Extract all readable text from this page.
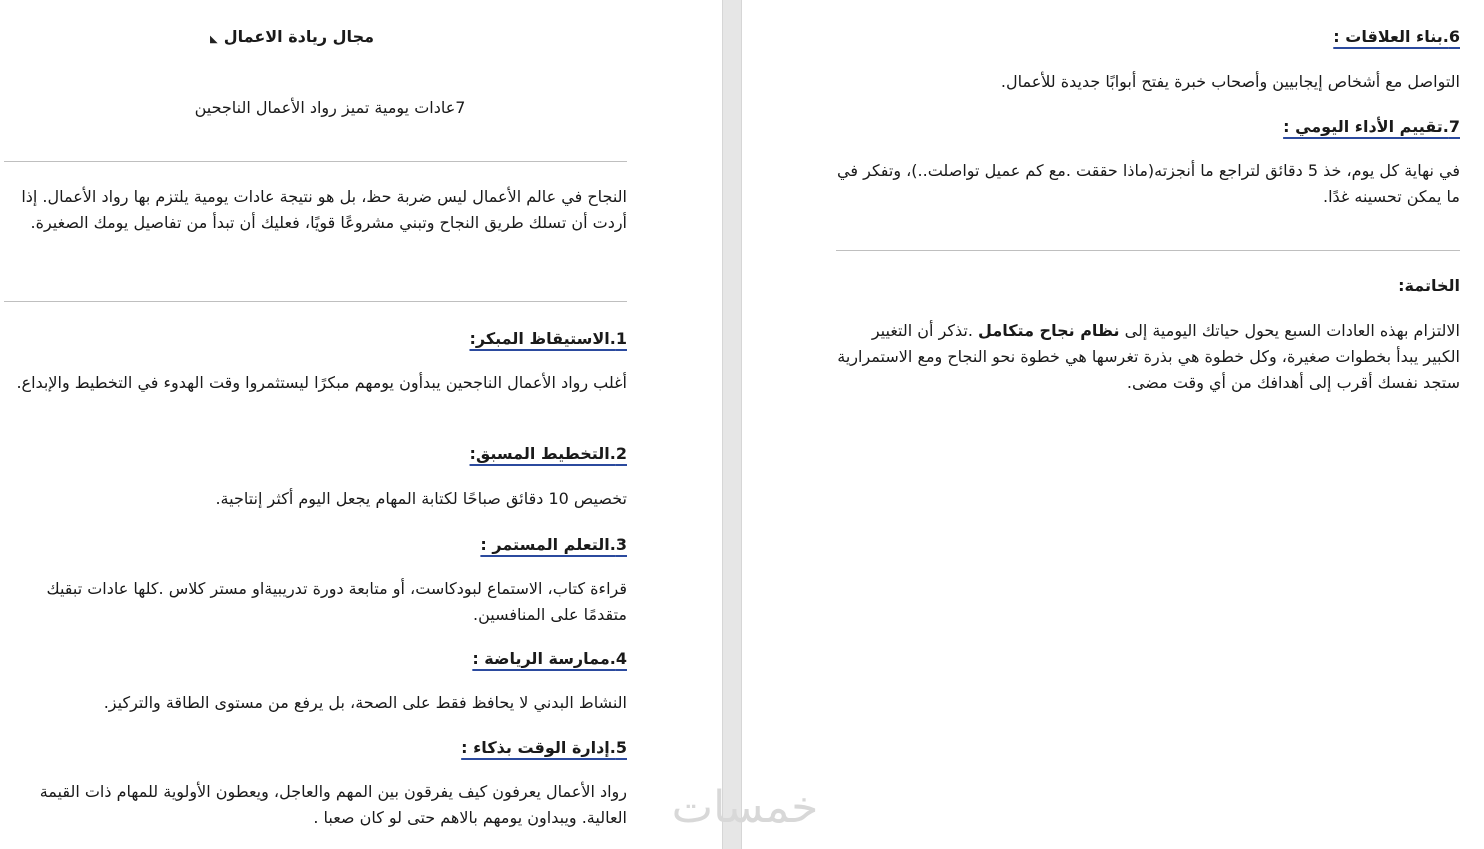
مجال ريادة الاعمال◣
7عادات يومية تميز رواد الأعمال الناجحين
النجاح في عالم الأعمال ليس ضربة حظ، بل هو نتيجة عادات يومية يلتزم بها رواد الأعمال. إذا أردت أن تسلك طريق النجاح وتبني مشروعًا قويًا، فعليك أن تبدأ من تفاصيل يومك الصغيرة.
1.الاستيقاظ المبكر:
أغلب رواد الأعمال الناجحين يبدأون يومهم مبكرًا ليستثمروا وقت الهدوء في التخطيط والإبداع.
2.التخطيط المسبق:
تخصيص 10 دقائق صباحًا لكتابة المهام يجعل اليوم أكثر إنتاجية.
3.التعلم المستمر :
قراءة كتاب، الاستماع لبودكاست، أو متابعة دورة تدريبيةاو مستر كلاس .كلها عادات تبقيك متقدمًا على المنافسين.
4.ممارسة الرياضة :
النشاط البدني لا يحافظ فقط على الصحة، بل يرفع من مستوى الطاقة والتركيز.
5.إدارة الوقت بذكاء :
رواد الأعمال يعرفون كيف يفرقون بين المهم والعاجل، ويعطون الأولوية للمهام ذات القيمة العالية. ويبداون يومهم بالاهم حتى لو كان صعبا .
6.بناء العلاقات :
التواصل مع أشخاص إيجابيين وأصحاب خبرة يفتح أبوابًا جديدة للأعمال.
7.تقييم الأداء اليومي :
في نهاية كل يوم، خذ 5 دقائق لتراجع ما أنجزته(ماذا حققت .مع كم عميل تواصلت..)، وتفكر في ما يمكن تحسينه غدًا.
الخاتمة:
الالتزام بهذه العادات السبع يحول حياتك اليومية إلى نظام نجاح متكامل .تذكر أن التغيير الكبير يبدأ بخطوات صغيرة، وكل خطوة هي بذرة تغرسها هي خطوة نحو النجاح ومع الاستمرارية ستجد نفسك أقرب إلى أهدافك من أي وقت مضى.
خمسات
